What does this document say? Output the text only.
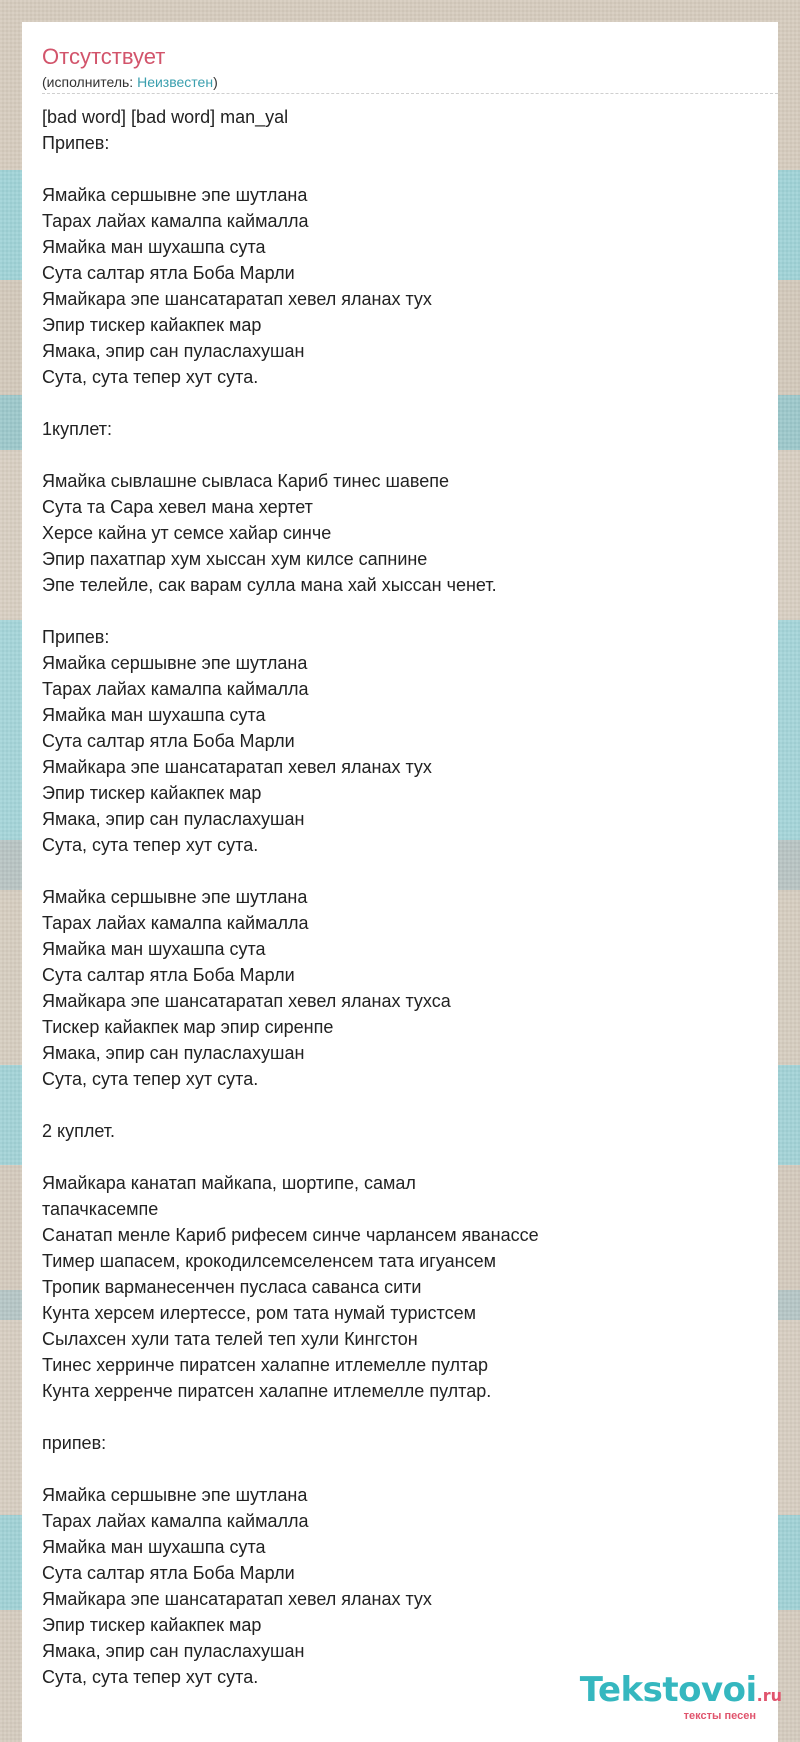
Отсутствует
(исполнитель: Неизвестен)
[bad word] [bad word] man_yal
Припев:
Ямайка сершывне эпе шутлана
Тарах лайах камалпа каймалла
Ямайка ман шухашпа сута
Сута салтар ятла Боба Марли
Ямайкара эпе шансатаратап хевел яланах тух
Эпир тискер кайакпек мар
Ямака, эпир сан пуласлахушан
Сута, сута тепер хут сута.
1куплет:
Ямайка сывлашне сывласа Кариб тинес шавепе
Сута та Сара хевел мана хертет
Херсе кайна ут семсе хайар синче
Эпир пахатпар хум хыссан хум килсе сапнине
Эпе телейле, сак варам сулла мана хай хыссан ченет.
Припев:
Ямайка сершывне эпе шутлана
Тарах лайах камалпа каймалла
Ямайка ман шухашпа сута
Сута салтар ятла Боба Марли
Ямайкара эпе шансатаратап хевел яланах тух
Эпир тискер кайакпек мар
Ямака, эпир сан пуласлахушан
Сута, сута тепер хут сута.
Ямайка сершывне эпе шутлана
Тарах лайах камалпа каймалла
Ямайка ман шухашпа сута
Сута салтар ятла Боба Марли
Ямайкара эпе шансатаратап хевел яланах тухса
Тискер кайакпек мар эпир сиренпе
Ямака, эпир сан пуласлахушан
Сута, сута тепер хут сута.
2 куплет.
Ямайкара канатап майкапа, шортипе, самал
тапачкасемпе
Санатап менле Кариб рифесем синче чарлансем яванассе
Тимер шапасем, крокодилсемселенсем тата игуансем
Тропик варманесенчен пусласа саванса сити
Кунта херсем илертессе, ром тата нумай туристсем
Сылахсен хули тата телей теп хули Кингстон
Тинес херринче пиратсен халапне итлемелле пултар
Кунта херренче пиратсен халапне итлемелле пултар.
припев:
Ямайка сершывне эпе шутлана
Тарах лайах камалпа каймалла
Ямайка ман шухашпа сута
Сута салтар ятла Боба Марли
Ямайкара эпе шансатаратап хевел яланах тух
Эпир тискер кайакпек мар
Ямака, эпир сан пуласлахушан
Сута, сута тепер хут сута.	Tekstovoi.ru
тексты песен
